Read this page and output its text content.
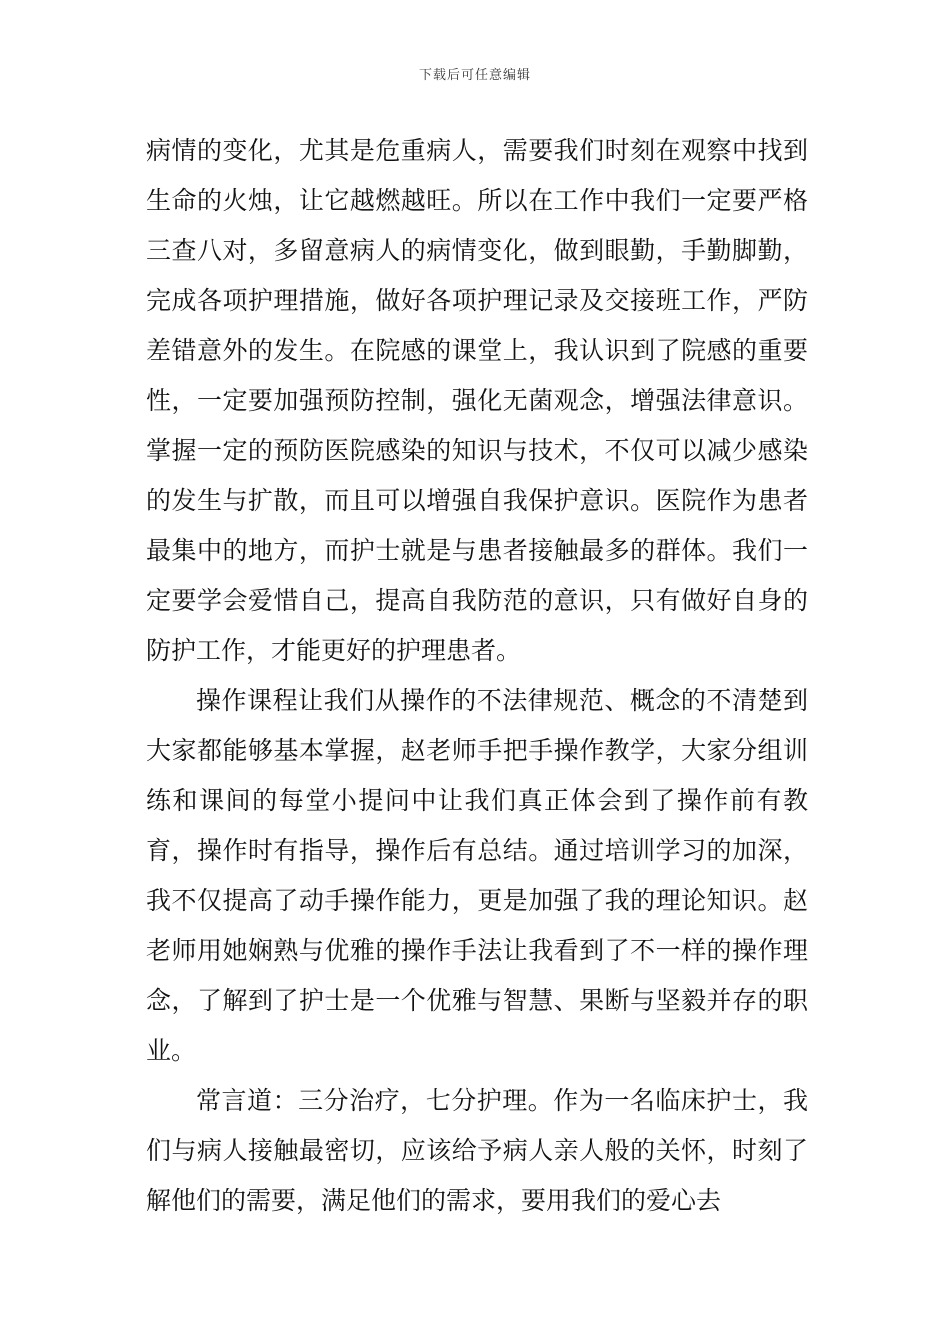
下载后可任意编辑

病情的变化，尤其是危重病人，需要我们时刻在观察中找到生命的火烛，让它越燃越旺。所以在工作中我们一定要严格三查八对，多留意病人的病情变化，做到眼勤，手勤脚勤，完成各项护理措施，做好各项护理记录及交接班工作，严防差错意外的发生。在院感的课堂上，我认识到了院感的重要性，一定要加强预防控制，强化无菌观念，增强法律意识。掌握一定的预防医院感染的知识与技术，不仅可以减少感染的发生与扩散，而且可以增强自我保护意识。医院作为患者最集中的地方，而护士就是与患者接触最多的群体。我们一定要学会爱惜自己，提高自我防范的意识，只有做好自身的防护工作，才能更好的护理患者。

操作课程让我们从操作的不法律规范、概念的不清楚到大家都能够基本掌握，赵老师手把手操作教学，大家分组训练和课间的每堂小提问中让我们真正体会到了操作前有教育，操作时有指导，操作后有总结。通过培训学习的加深，我不仅提高了动手操作能力，更是加强了我的理论知识。赵老师用她娴熟与优雅的操作手法让我看到了不一样的操作理念，了解到了护士是一个优雅与智慧、果断与坚毅并存的职业。

常言道：三分治疗，七分护理。作为一名临床护士，我们与病人接触最密切，应该给予病人亲人般的关怀，时刻了解他们的需要，满足他们的需求，要用我们的爱心去
